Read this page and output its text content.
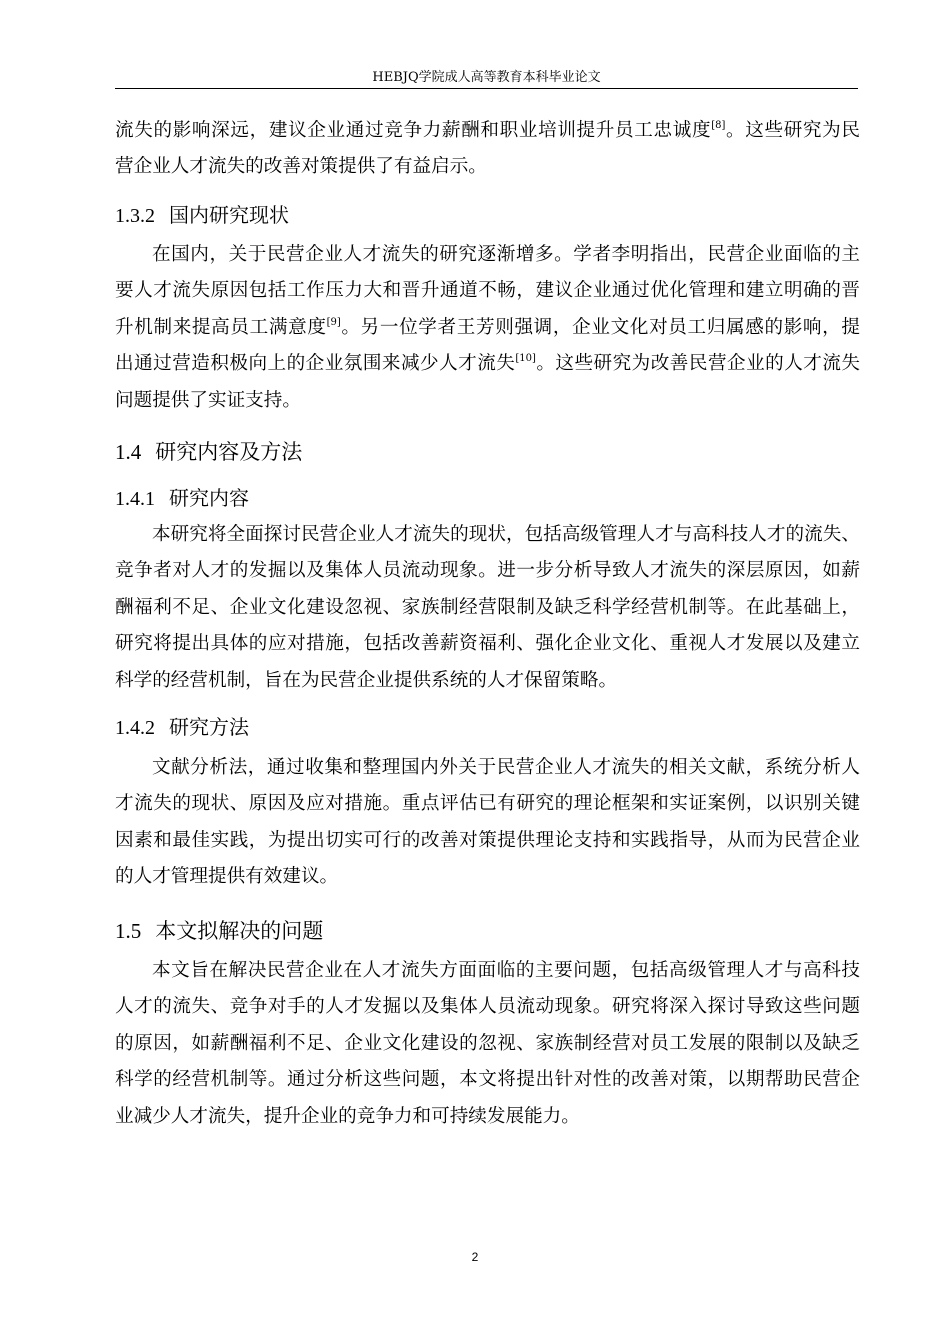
HEBJQ学院成人高等教育本科毕业论文
流失的影响深远，建议企业通过竞争力薪酬和职业培训提升员工忠诚度[8]。这些研究为民
营企业人才流失的改善对策提供了有益启示。
1.3.2 国内研究现状
在国内，关于民营企业人才流失的研究逐渐增多。学者李明指出，民营企业面临的主
要人才流失原因包括工作压力大和晋升通道不畅，建议企业通过优化管理和建立明确的晋
升机制来提高员工满意度[9]。另一位学者王芳则强调，企业文化对员工归属感的影响，提
出通过营造积极向上的企业氛围来减少人才流失[10]。这些研究为改善民营企业的人才流失
问题提供了实证支持。
1.4 研究内容及方法
1.4.1 研究内容
本研究将全面探讨民营企业人才流失的现状，包括高级管理人才与高科技人才的流失、
竞争者对人才的发掘以及集体人员流动现象。进一步分析导致人才流失的深层原因，如薪
酬福利不足、企业文化建设忽视、家族制经营限制及缺乏科学经营机制等。在此基础上，
研究将提出具体的应对措施，包括改善薪资福利、强化企业文化、重视人才发展以及建立
科学的经营机制，旨在为民营企业提供系统的人才保留策略。
1.4.2 研究方法
文献分析法，通过收集和整理国内外关于民营企业人才流失的相关文献，系统分析人
才流失的现状、原因及应对措施。重点评估已有研究的理论框架和实证案例，以识别关键
因素和最佳实践，为提出切实可行的改善对策提供理论支持和实践指导，从而为民营企业
的人才管理提供有效建议。
1.5 本文拟解决的问题
本文旨在解决民营企业在人才流失方面面临的主要问题，包括高级管理人才与高科技
人才的流失、竞争对手的人才发掘以及集体人员流动现象。研究将深入探讨导致这些问题
的原因，如薪酬福利不足、企业文化建设的忽视、家族制经营对员工发展的限制以及缺乏
科学的经营机制等。通过分析这些问题，本文将提出针对性的改善对策，以期帮助民营企
业减少人才流失，提升企业的竞争力和可持续发展能力。
2
